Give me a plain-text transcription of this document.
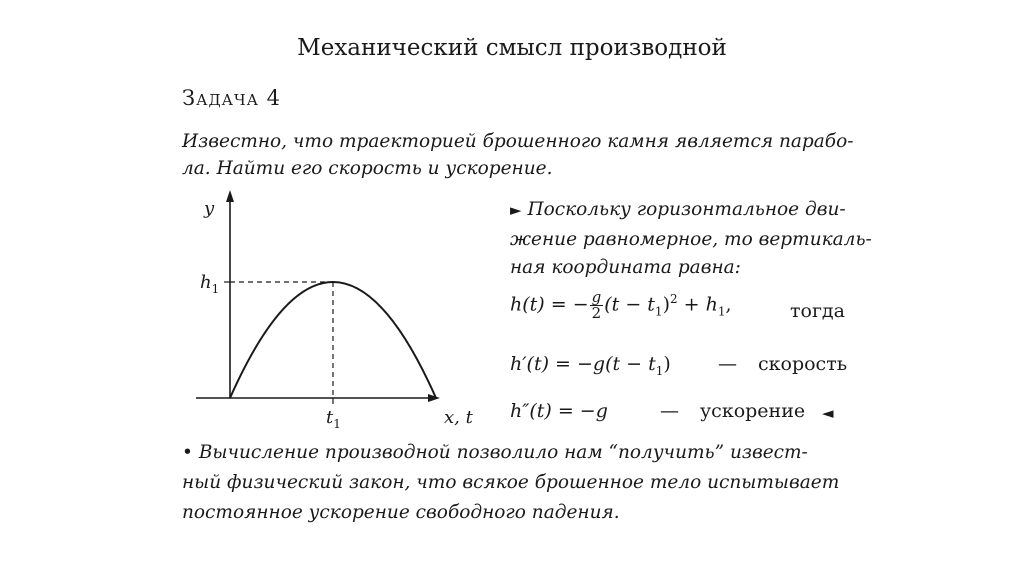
Механический смысл производной
Задача 4
Известно, что траекторией брошенного камня является парабо-
ла. Найти его скорость и ускорение.
y
$h_1$
$t_1$	x, t
► Поскольку горизонтальное дви-
жение равномерное, то вертикаль-
ная координата равна:
h(t) = − $\frac{g}{2} (t - t_1)^2 + h_1$,	тогда
$h'(t) = -g(t - t_1)$ — скорость
h″(t) = −g	— ускорение ◄
• Вычисление производной позволило нам “получить” извест-
ный физический закон, что всякое брошенное тело испытывает
постоянное ускорение свободного падения.
